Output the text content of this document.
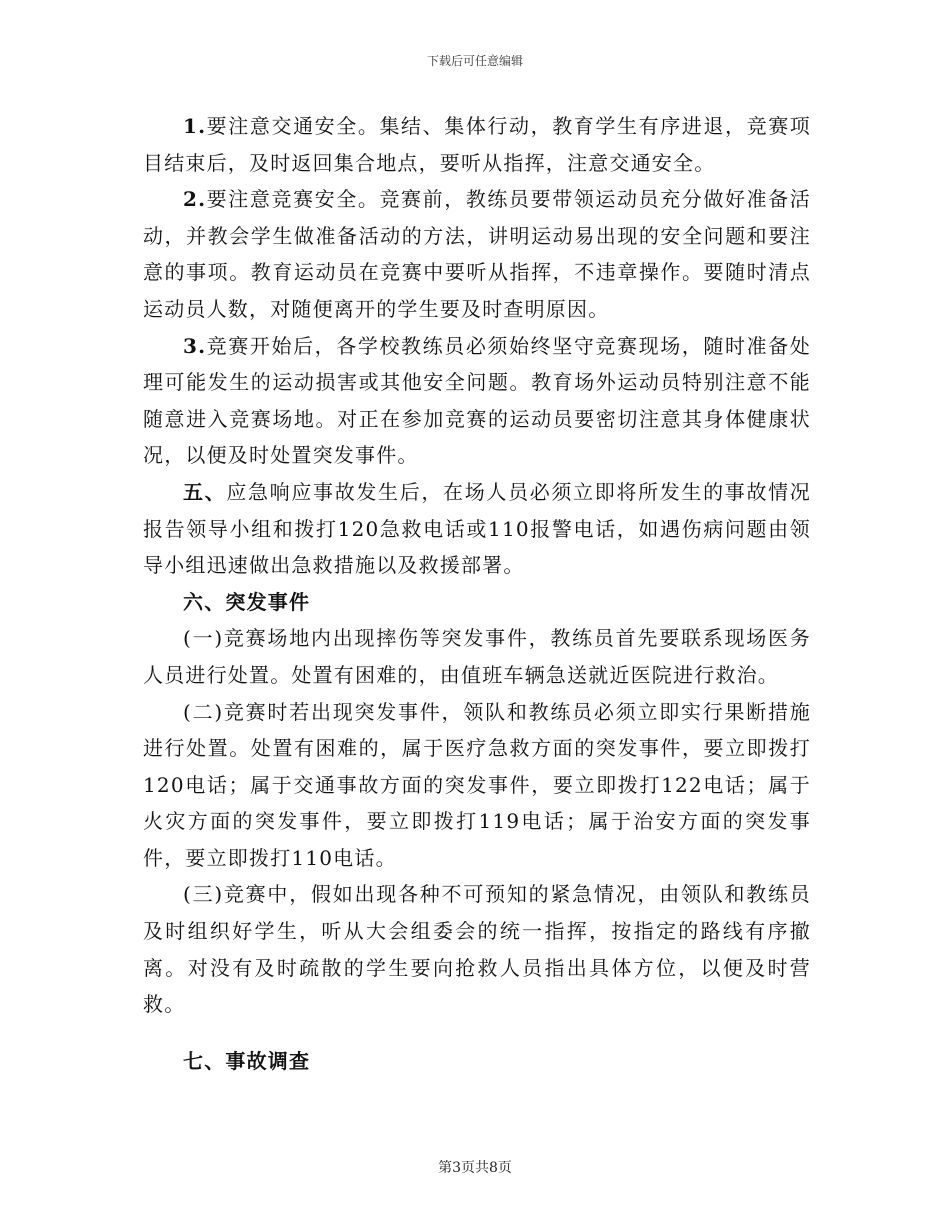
下载后可任意编辑

1.要注意交通安全。集结、集体行动，教育学生有序进退，竞赛项目结束后，及时返回集合地点，要听从指挥，注意交通安全。

2.要注意竞赛安全。竞赛前，教练员要带领运动员充分做好准备活动，并教会学生做准备活动的方法，讲明运动易出现的安全问题和要注意的事项。教育运动员在竞赛中要听从指挥，不违章操作。要随时清点运动员人数，对随便离开的学生要及时查明原因。

3.竞赛开始后，各学校教练员必须始终坚守竞赛现场，随时准备处理可能发生的运动损害或其他安全问题。教育场外运动员特别注意不能随意进入竞赛场地。对正在参加竞赛的运动员要密切注意其身体健康状况，以便及时处置突发事件。

五、应急响应事故发生后，在场人员必须立即将所发生的事故情况报告领导小组和拨打120急救电话或110报警电话，如遇伤病问题由领导小组迅速做出急救措施以及救援部署。

六、突发事件

(一)竞赛场地内出现摔伤等突发事件，教练员首先要联系现场医务人员进行处置。处置有困难的，由值班车辆急送就近医院进行救治。

(二)竞赛时若出现突发事件，领队和教练员必须立即实行果断措施进行处置。处置有困难的，属于医疗急救方面的突发事件，要立即拨打120电话；属于交通事故方面的突发事件，要立即拨打122电话；属于火灾方面的突发事件，要立即拨打119电话；属于治安方面的突发事件，要立即拨打110电话。

(三)竞赛中，假如出现各种不可预知的紧急情况，由领队和教练员及时组织好学生，听从大会组委会的统一指挥，按指定的路线有序撤离。对没有及时疏散的学生要向抢救人员指出具体方位，以便及时营救。

七、事故调查

第3页共8页
